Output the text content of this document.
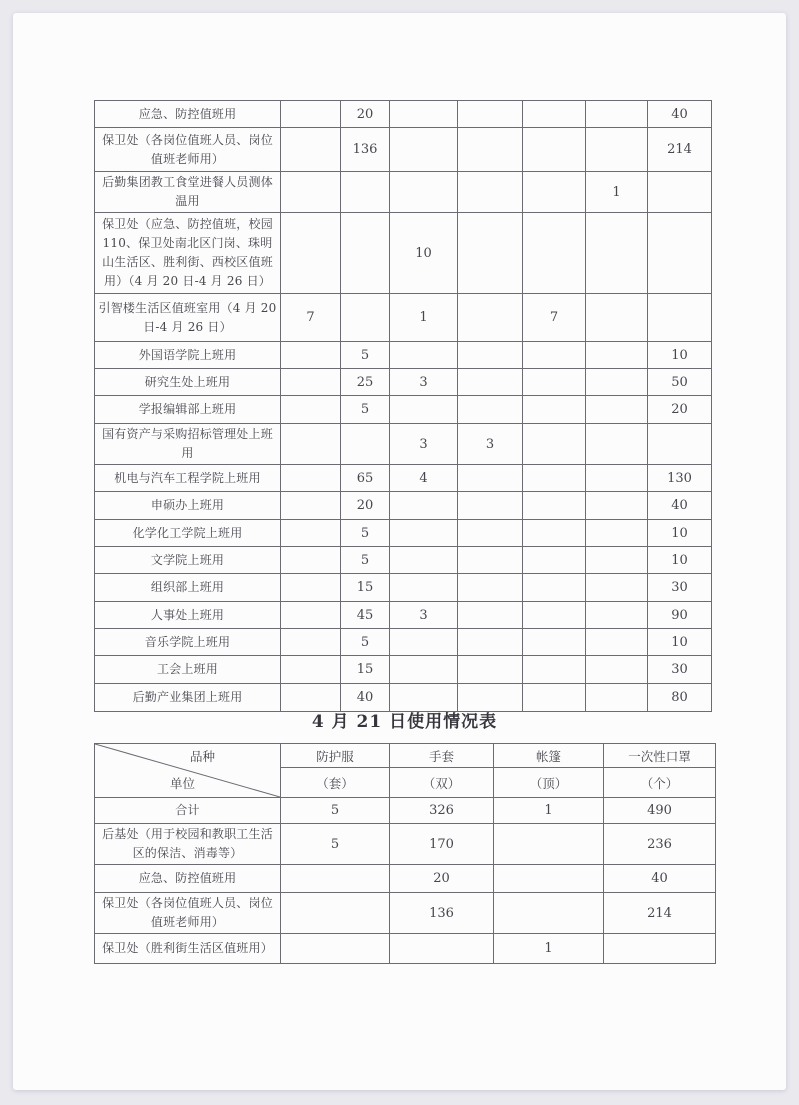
应急、防控值班用		20					40
保卫处（各岗位值班人员、岗位值班老师用）		136					214
后勤集团教工食堂进餐人员测体温用						1	
保卫处（应急、防控值班，校园 110、保卫处南北区门岗、珠明山生活区、胜利街、西校区值班用）（4 月 20 日-4 月 26 日）			10				
引智楼生活区值班室用（4 月 20 日-4 月 26 日）	7		1		7		
外国语学院上班用		5					10
研究生处上班用		25	3				50
学报编辑部上班用		5					20
国有资产与采购招标管理处上班用			3	3			
机电与汽车工程学院上班用		65	4				130
申硕办上班用		20					40
化学化工学院上班用		5					10
文学院上班用		5					10
组织部上班用		15					30
人事处上班用		45	3				90
音乐学院上班用		5					10
工会上班用		15					30
后勤产业集团上班用		40					80
4 月 21 日使用情况表
品种
单位	防护服	手套	帐篷	一次性口罩
	（套）	（双）	（顶）	（个）
合计	5	326	1	490
后基处（用于校园和教职工生活区的保洁、消毒等）	5	170		236
应急、防控值班用		20		40
保卫处（各岗位值班人员、岗位值班老师用）		136		214
保卫处（胜利街生活区值班用）			1	
